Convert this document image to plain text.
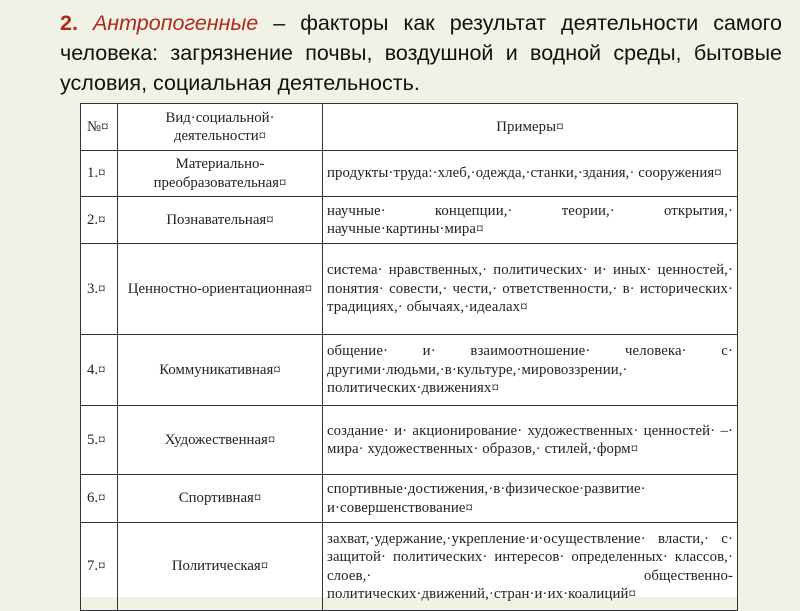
2. Антропогенные – факторы как результат деятельности самого человека: загрязнение почвы, воздушной и водной среды, бытовые условия, социальная деятельность.
№¤	Вид·социальной· деятельности¤	Примеры¤
1.¤	Материально-преобразовательная¤	продукты·труда:·хлеб,·одежда,·станки,·здания,· сооружения¤
2.¤	Познавательная¤	научные· концепции,· теории,· открытия,· научные·картины·мира¤
3.¤	Ценностно-ориентационная¤	система· нравственных,· политических· и· иных· ценностей,· понятия· совести,· чести,· ответственности,· в· исторических· традициях,· обычаях,·идеалах¤
4.¤	Коммуникативная¤	общение· и· взаимоотношение· человека· с· другими·людьми,·в·культуре,·мировоззрении,· политических·движениях¤
5.¤	Художественная¤	создание· и· акционирование· художественных· ценностей· –· мира· художественных· образов,· стилей,·форм¤
6.¤	Спортивная¤	спортивные·достижения,·в·физическое·развитие· и·совершенствование¤
7.¤	Политическая¤	захват,·удержание,·укрепление·и·осуществление· власти,· с· защитой· политических· интересов· определенных· классов,· слоев,· общественно-политических·движений,·стран·и·их·коалиций¤
